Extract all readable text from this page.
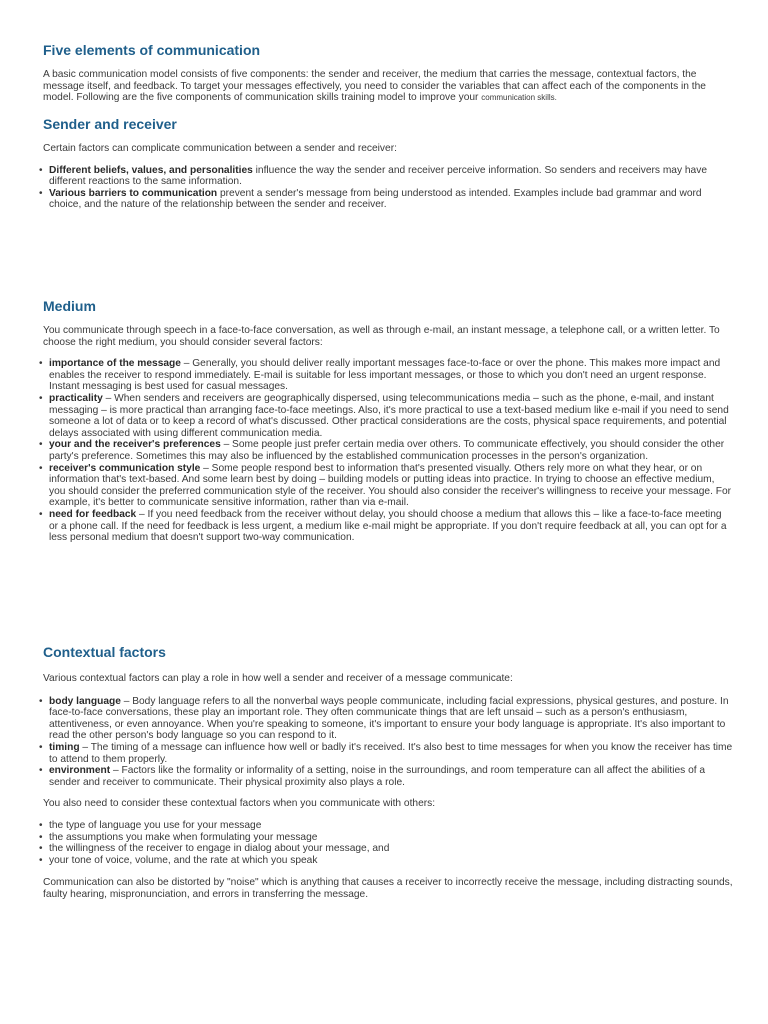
Five elements of communication

A basic communication model consists of five components: the sender and receiver, the medium that carries the message, contextual factors, the message itself, and feedback. To target your messages effectively, you need to consider the variables that can affect each of the components in the model. Following are the five components of communication skills training model to improve your communication skills.

Sender and receiver

Certain factors can complicate communication between a sender and receiver:

• Different beliefs, values, and personalities influence the way the sender and receiver perceive information. So senders and receivers may have different reactions to the same information.
• Various barriers to communication prevent a sender's message from being understood as intended. Examples include bad grammar and word choice, and the nature of the relationship between the sender and receiver.
Medium

You communicate through speech in a face-to-face conversation, as well as through e-mail, an instant message, a telephone call, or a written letter. To choose the right medium, you should consider several factors:

• importance of the message – Generally, you should deliver really important messages face-to-face or over the phone. This makes more impact and enables the receiver to respond immediately. E-mail is suitable for less important messages, or those to which you don't need an urgent response. Instant messaging is best used for casual messages.
• practicality – When senders and receivers are geographically dispersed, using telecommunications media – such as the phone, e-mail, and instant messaging – is more practical than arranging face-to-face meetings. Also, it's more practical to use a text-based medium like e-mail if you need to send someone a lot of data or to keep a record of what's discussed. Other practical considerations are the costs, physical space requirements, and potential delays associated with using different communication media.
• your and the receiver's preferences – Some people just prefer certain media over others. To communicate effectively, you should consider the other party's preference. Sometimes this may also be influenced by the established communication processes in the person's organization.
• receiver's communication style – Some people respond best to information that's presented visually. Others rely more on what they hear, or on information that's text-based. And some learn best by doing – building models or putting ideas into practice. In trying to choose an effective medium, you should consider the preferred communication style of the receiver. You should also consider the receiver's willingness to receive your message. For example, it's better to communicate sensitive information, rather than via e-mail.
• need for feedback – If you need feedback from the receiver without delay, you should choose a medium that allows this – like a face-to-face meeting or a phone call. If the need for feedback is less urgent, a medium like e-mail might be appropriate. If you don't require feedback at all, you can opt for a less personal medium that doesn't support two-way communication.
Contextual factors

Various contextual factors can play a role in how well a sender and receiver of a message communicate:

• body language – Body language refers to all the nonverbal ways people communicate, including facial expressions, physical gestures, and posture. In face-to-face conversations, these play an important role. They often communicate things that are left unsaid – such as a person's enthusiasm, attentiveness, or even annoyance. When you're speaking to someone, it's important to ensure your body language is appropriate. It's also important to read the other person's body language so you can respond to it.
• timing – The timing of a message can influence how well or badly it's received. It's also best to time messages for when you know the receiver has time to attend to them properly.
• environment – Factors like the formality or informality of a setting, noise in the surroundings, and room temperature can all affect the abilities of a sender and receiver to communicate. Their physical proximity also plays a role.

You also need to consider these contextual factors when you communicate with others:

• the type of language you use for your message
• the assumptions you make when formulating your message
• the willingness of the receiver to engage in dialog about your message, and
• your tone of voice, volume, and the rate at which you speak

Communication can also be distorted by "noise" which is anything that causes a receiver to incorrectly receive the message, including distracting sounds, faulty hearing, mispronunciation, and errors in transferring the message.
